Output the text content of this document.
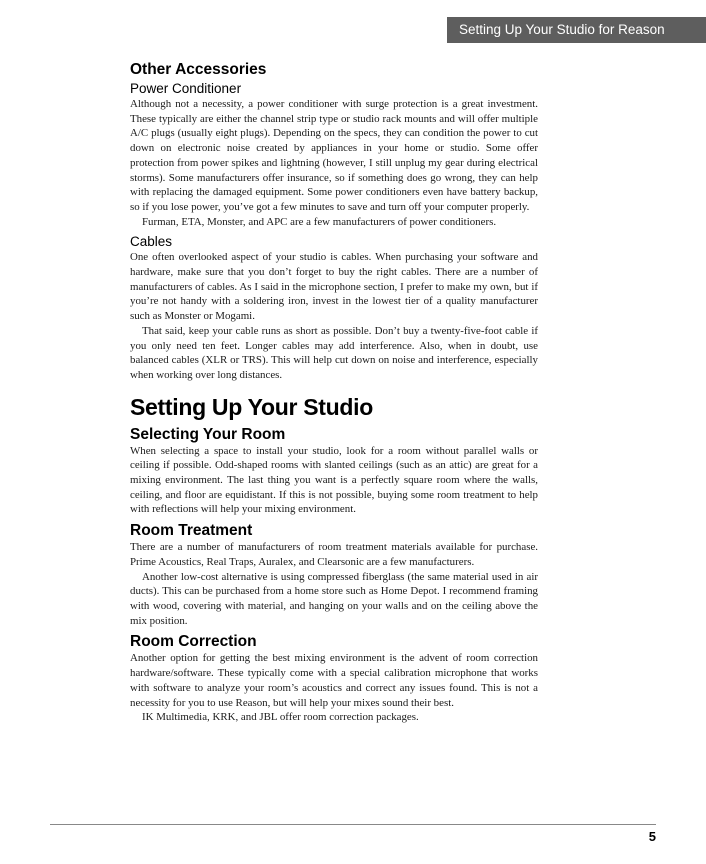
Setting Up Your Studio for Reason
Other Accessories
Power Conditioner

Although not a necessity, a power conditioner with surge protection is a great investment. These typically are either the channel strip type or studio rack mounts and will offer multiple A/C plugs (usually eight plugs). Depending on the specs, they can condition the power to cut down on electronic noise created by appliances in your home or studio. Some offer protection from power spikes and lightning (however, I still unplug my gear during electrical storms). Some manufacturers offer insurance, so if something does go wrong, they can help with replacing the damaged equipment. Some power conditioners even have battery backup, so if you lose power, you’ve got a few minutes to save and turn off your computer properly.

Furman, ETA, Monster, and APC are a few manufacturers of power conditioners.

Cables

One often overlooked aspect of your studio is cables. When purchasing your software and hardware, make sure that you don’t forget to buy the right cables. There are a number of manufacturers of cables. As I said in the microphone section, I prefer to make my own, but if you’re not handy with a soldering iron, invest in the lowest tier of a quality manufacturer such as Monster or Mogami.

That said, keep your cable runs as short as possible. Don’t buy a twenty-five-foot cable if you only need ten feet. Longer cables may add interference. Also, when in doubt, use balanced cables (XLR or TRS). This will help cut down on noise and interference, especially when working over long distances.

Setting Up Your Studio
Selecting Your Room

When selecting a space to install your studio, look for a room without parallel walls or ceiling if possible. Odd-shaped rooms with slanted ceilings (such as an attic) are great for a mixing environment. The last thing you want is a perfectly square room where the walls, ceiling, and floor are equidistant. If this is not possible, buying some room treatment to help with reflections will help your mixing environment.

Room Treatment

There are a number of manufacturers of room treatment materials available for purchase. Prime Acoustics, Real Traps, Auralex, and Clearsonic are a few manufacturers.

Another low-cost alternative is using compressed fiberglass (the same material used in air ducts). This can be purchased from a home store such as Home Depot. I recommend framing with wood, covering with material, and hanging on your walls and on the ceiling above the mix position.

Room Correction

Another option for getting the best mixing environment is the advent of room correction hardware/software. These typically come with a special calibration microphone that works with software to analyze your room’s acoustics and correct any issues found. This is not a necessity for you to use Reason, but will help your mixes sound their best.

IK Multimedia, KRK, and JBL offer room correction packages.

5
